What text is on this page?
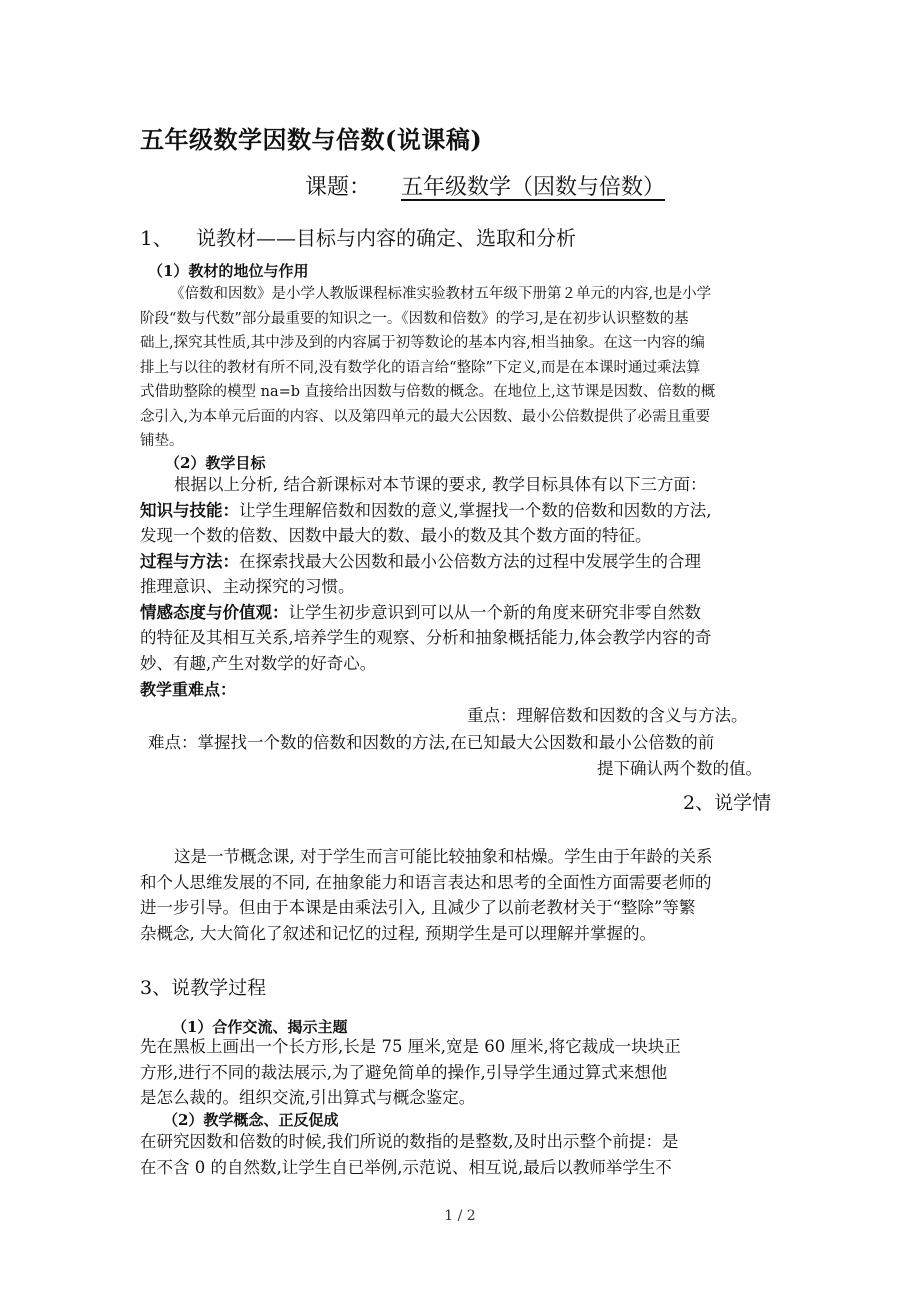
五年级数学因数与倍数(说课稿)
课题： 五年级数学（因数与倍数）
1、 说教材——目标与内容的确定、选取和分析
（1）教材的地位与作用
《倍数和因数》是小学人教版课程标准实验教材五年级下册第２单元的内容,也是小学
阶段“数与代数”部分最重要的知识之一。《因数和倍数》的学习,是在初步认识整数的基
础上,探究其性质,其中涉及到的内容属于初等数论的基本内容,相当抽象。在这一内容的编
排上与以往的教材有所不同,没有数学化的语言给“整除”下定义,而是在本课时通过乘法算
式借助整除的模型 na=b 直接给出因数与倍数的概念。在地位上,这节课是因数、倍数的概
念引入,为本单元后面的内容、以及第四单元的最大公因数、最小公倍数提供了必需且重要
铺垫。
（2）教学目标
根据以上分析, 结合新课标对本节课的要求, 教学目标具体有以下三方面：
知识与技能：让学生理解倍数和因数的意义,掌握找一个数的倍数和因数的方法,
发现一个数的倍数、因数中最大的数、最小的数及其个数方面的特征。
过程与方法：在探索找最大公因数和最小公倍数方法的过程中发展学生的合理
推理意识、主动探究的习惯。
情感态度与价值观：让学生初步意识到可以从一个新的角度来研究非零自然数
的特征及其相互关系,培养学生的观察、分析和抽象概括能力,体会教学内容的奇
妙、有趣,产生对数学的好奇心。
教学重难点：
重点：理解倍数和因数的含义与方法。
难点：掌握找一个数的倍数和因数的方法,在已知最大公因数和最小公倍数的前
提下确认两个数的值。
2、说学情
这是一节概念课, 对于学生而言可能比较抽象和枯燥。学生由于年龄的关系
和个人思维发展的不同, 在抽象能力和语言表达和思考的全面性方面需要老师的
进一步引导。但由于本课是由乘法引入, 且减少了以前老教材关于“整除”等繁
杂概念, 大大简化了叙述和记忆的过程, 预期学生是可以理解并掌握的。
3、说教学过程
（1）合作交流、揭示主题
先在黑板上画出一个长方形,长是 75 厘米,宽是 60 厘米,将它裁成一块块正
方形,进行不同的裁法展示,为了避免简单的操作,引导学生通过算式来想他
是怎么裁的。组织交流,引出算式与概念鉴定。
（2）教学概念、正反促成
在研究因数和倍数的时候,我们所说的数指的是整数,及时出示整个前提：是
在不含 0 的自然数,让学生自已举例,示范说、相互说,最后以教师举学生不
1 / 2
